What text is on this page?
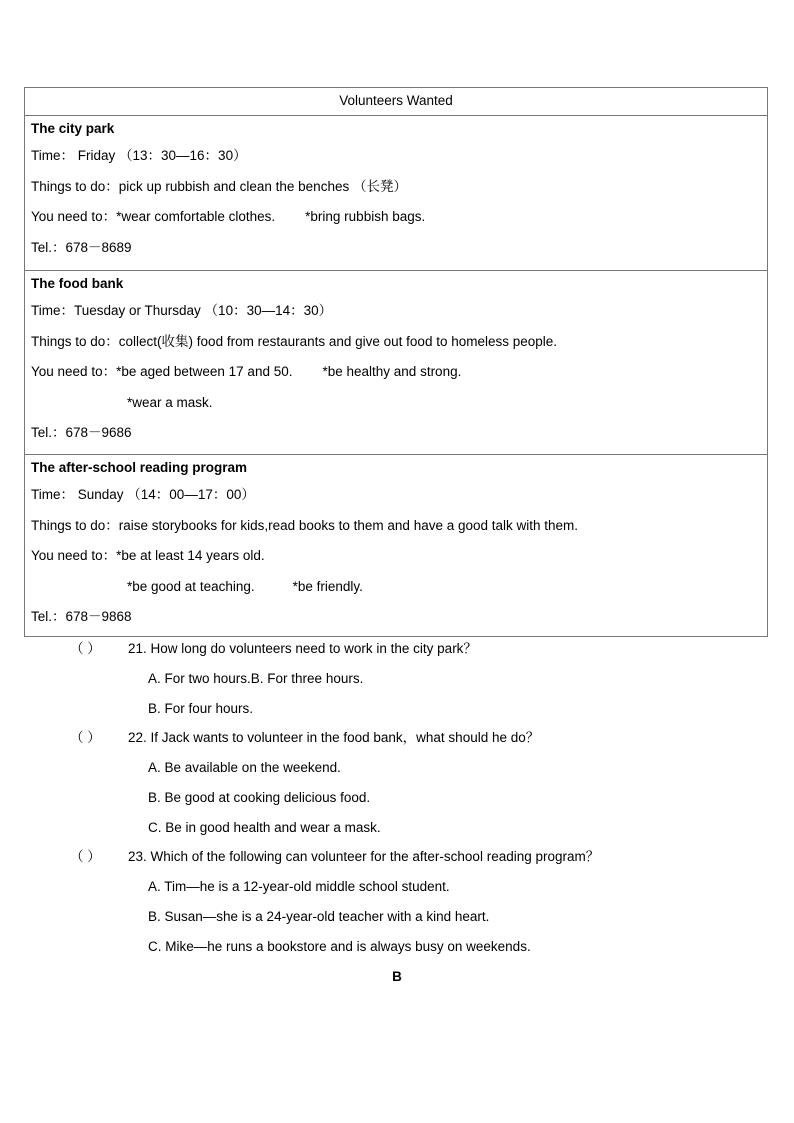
Volunteers Wanted
The city park
Time： Friday （13：30—16：30）
Things to do：pick up rubbish and clean the benches （长凳）
You need to：*wear comfortable clothes. *bring rubbish bags.
Tel.：678－8689
The food bank
Time：Tuesday or Thursday （10：30—14：30）
Things to do：collect(收集) food from restaurants and give out food to homeless people.
You need to：*be aged between 17 and 50. *be healthy and strong.
*wear a mask.
Tel.：678－9686
The after-school reading program
Time： Sunday （14：00—17：00）
Things to do：raise storybooks for kids,read books to them and have a good talk with them.
You need to：*be at least 14 years old.
*be good at teaching.	*be friendly.
Tel.：678－9868
（ ） 21. How long do volunteers need to work in the city park？
A. For two hours.B. For three hours.
B. For four hours.
（ ） 22. If Jack wants to volunteer in the food bank，what should he do？
A. Be available on the weekend.
B. Be good at cooking delicious food.
C. Be in good health and wear a mask.
（ ） 23. Which of the following can volunteer for the after-school reading program？
A. Tim—he is a 12-year-old middle school student.
B. Susan—she is a 24-year-old teacher with a kind heart.
C. Mike—he runs a bookstore and is always busy on weekends.
B
